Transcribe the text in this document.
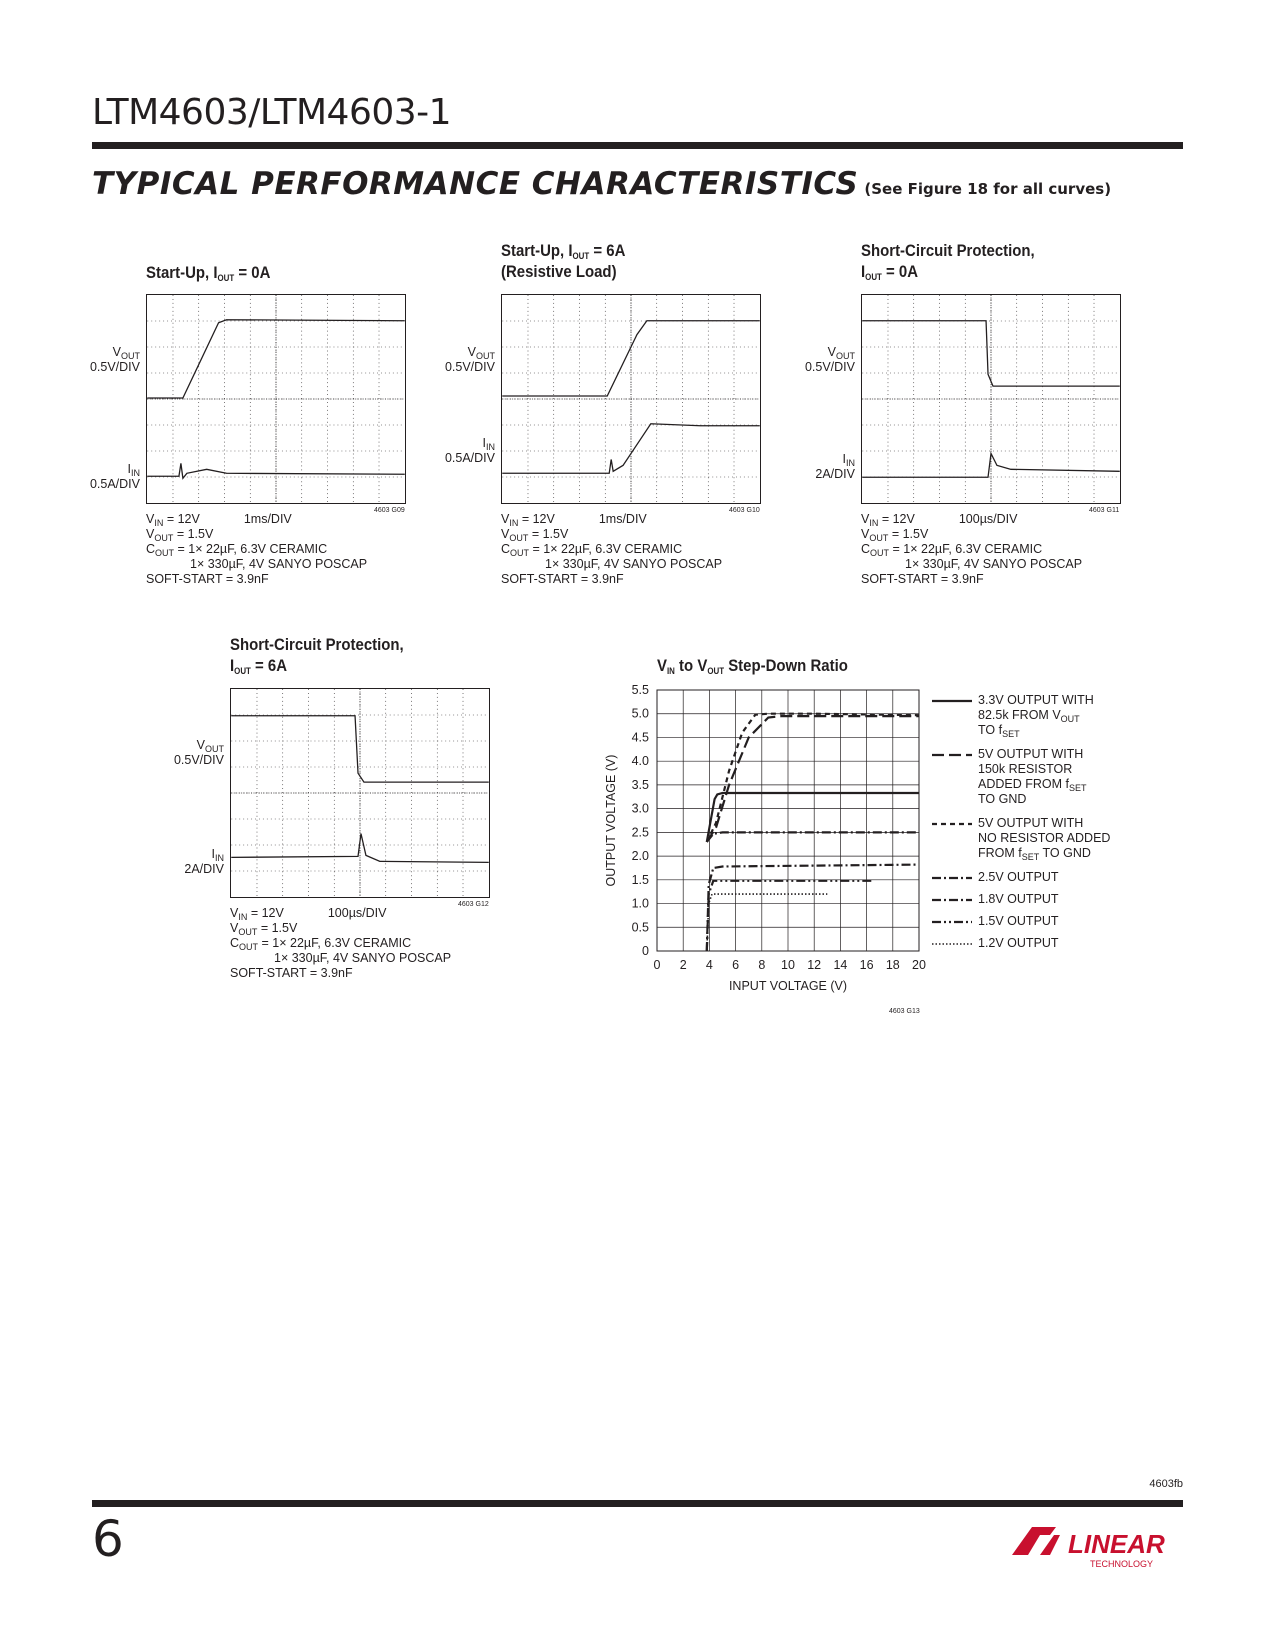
LTM4603/LTM4603-1
TYPICAL PERFORMANCE CHARACTERISTICS (See Figure 18 for all curves)
Start-Up, $I_{OUT} = 0A$
$V_{OUT}$
0.5V/DIV
$I_{IN}$
0.5A/DIV
4603 G09
$V_{IN} = 12V$	1ms/DIV
$V_{OUT} = 1.5V$
$C_{OUT} = 1\times 22\mu F$, 6.3V CERAMIC
1× 330µF, 4V SANYO POSCAP
SOFT-START = 3.9nF
Start-Up, $I_{OUT} = 6A$
(Resistive Load)
$V_{OUT}$
0.5V/DIV
$I_{IN}$
0.5A/DIV
4603 G10
$V_{IN} = 12V$	1ms/DIV
$V_{OUT} = 1.5V$
$C_{OUT} = 1\times 22\mu F$, 6.3V CERAMIC
1× 330µF, 4V SANYO POSCAP
SOFT-START = 3.9nF
Short-Circuit Protection,
$I_{OUT} = 0A$
$V_{OUT}$
0.5V/DIV
$I_{IN}$
2A/DIV
4603 G11
$V_{IN} = 12V$	100µs/DIV
$V_{OUT} = 1.5V$
$C_{OUT} = 1\times 22\mu F$, 6.3V CERAMIC
1× 330µF, 4V SANYO POSCAP
SOFT-START = 3.9nF
Short-Circuit Protection,
$I_{OUT} = 6A$
$V_{OUT}$
0.5V/DIV
$I_{IN}$
2A/DIV
4603 G12
$V_{IN} = 12V$	100µs/DIV
$V_{OUT} = 1.5V$
$C_{OUT} = 1\times 22\mu F$, 6.3V CERAMIC
1× 330µF, 4V SANYO POSCAP
SOFT-START = 3.9nF
$V_{IN}$ to $V_{OUT}$ Step-Down Ratio
0 2 4 6 8 10 12 14 16 18 20
0
0.5
1.0
1.5
2.0
2.5
3.0
3.5
4.0
4.5
5.0
5.5
INPUT VOLTAGE (V)
OUTPUT VOLTAGE (V)
4603 G13
3.3V OUTPUT WITH
82.5k FROM $V_{OUT}$
TO $f_{SET}$
5V OUTPUT WITH
150k RESISTOR
ADDED FROM $f_{SET}$
TO GND
5V OUTPUT WITH
NO RESISTOR ADDED
FROM $f_{SET}$ TO GND
2.5V OUTPUT
1.8V OUTPUT
1.5V OUTPUT
1.2V OUTPUT
4603fb
6	LINEAR
TECHNOLOGY
